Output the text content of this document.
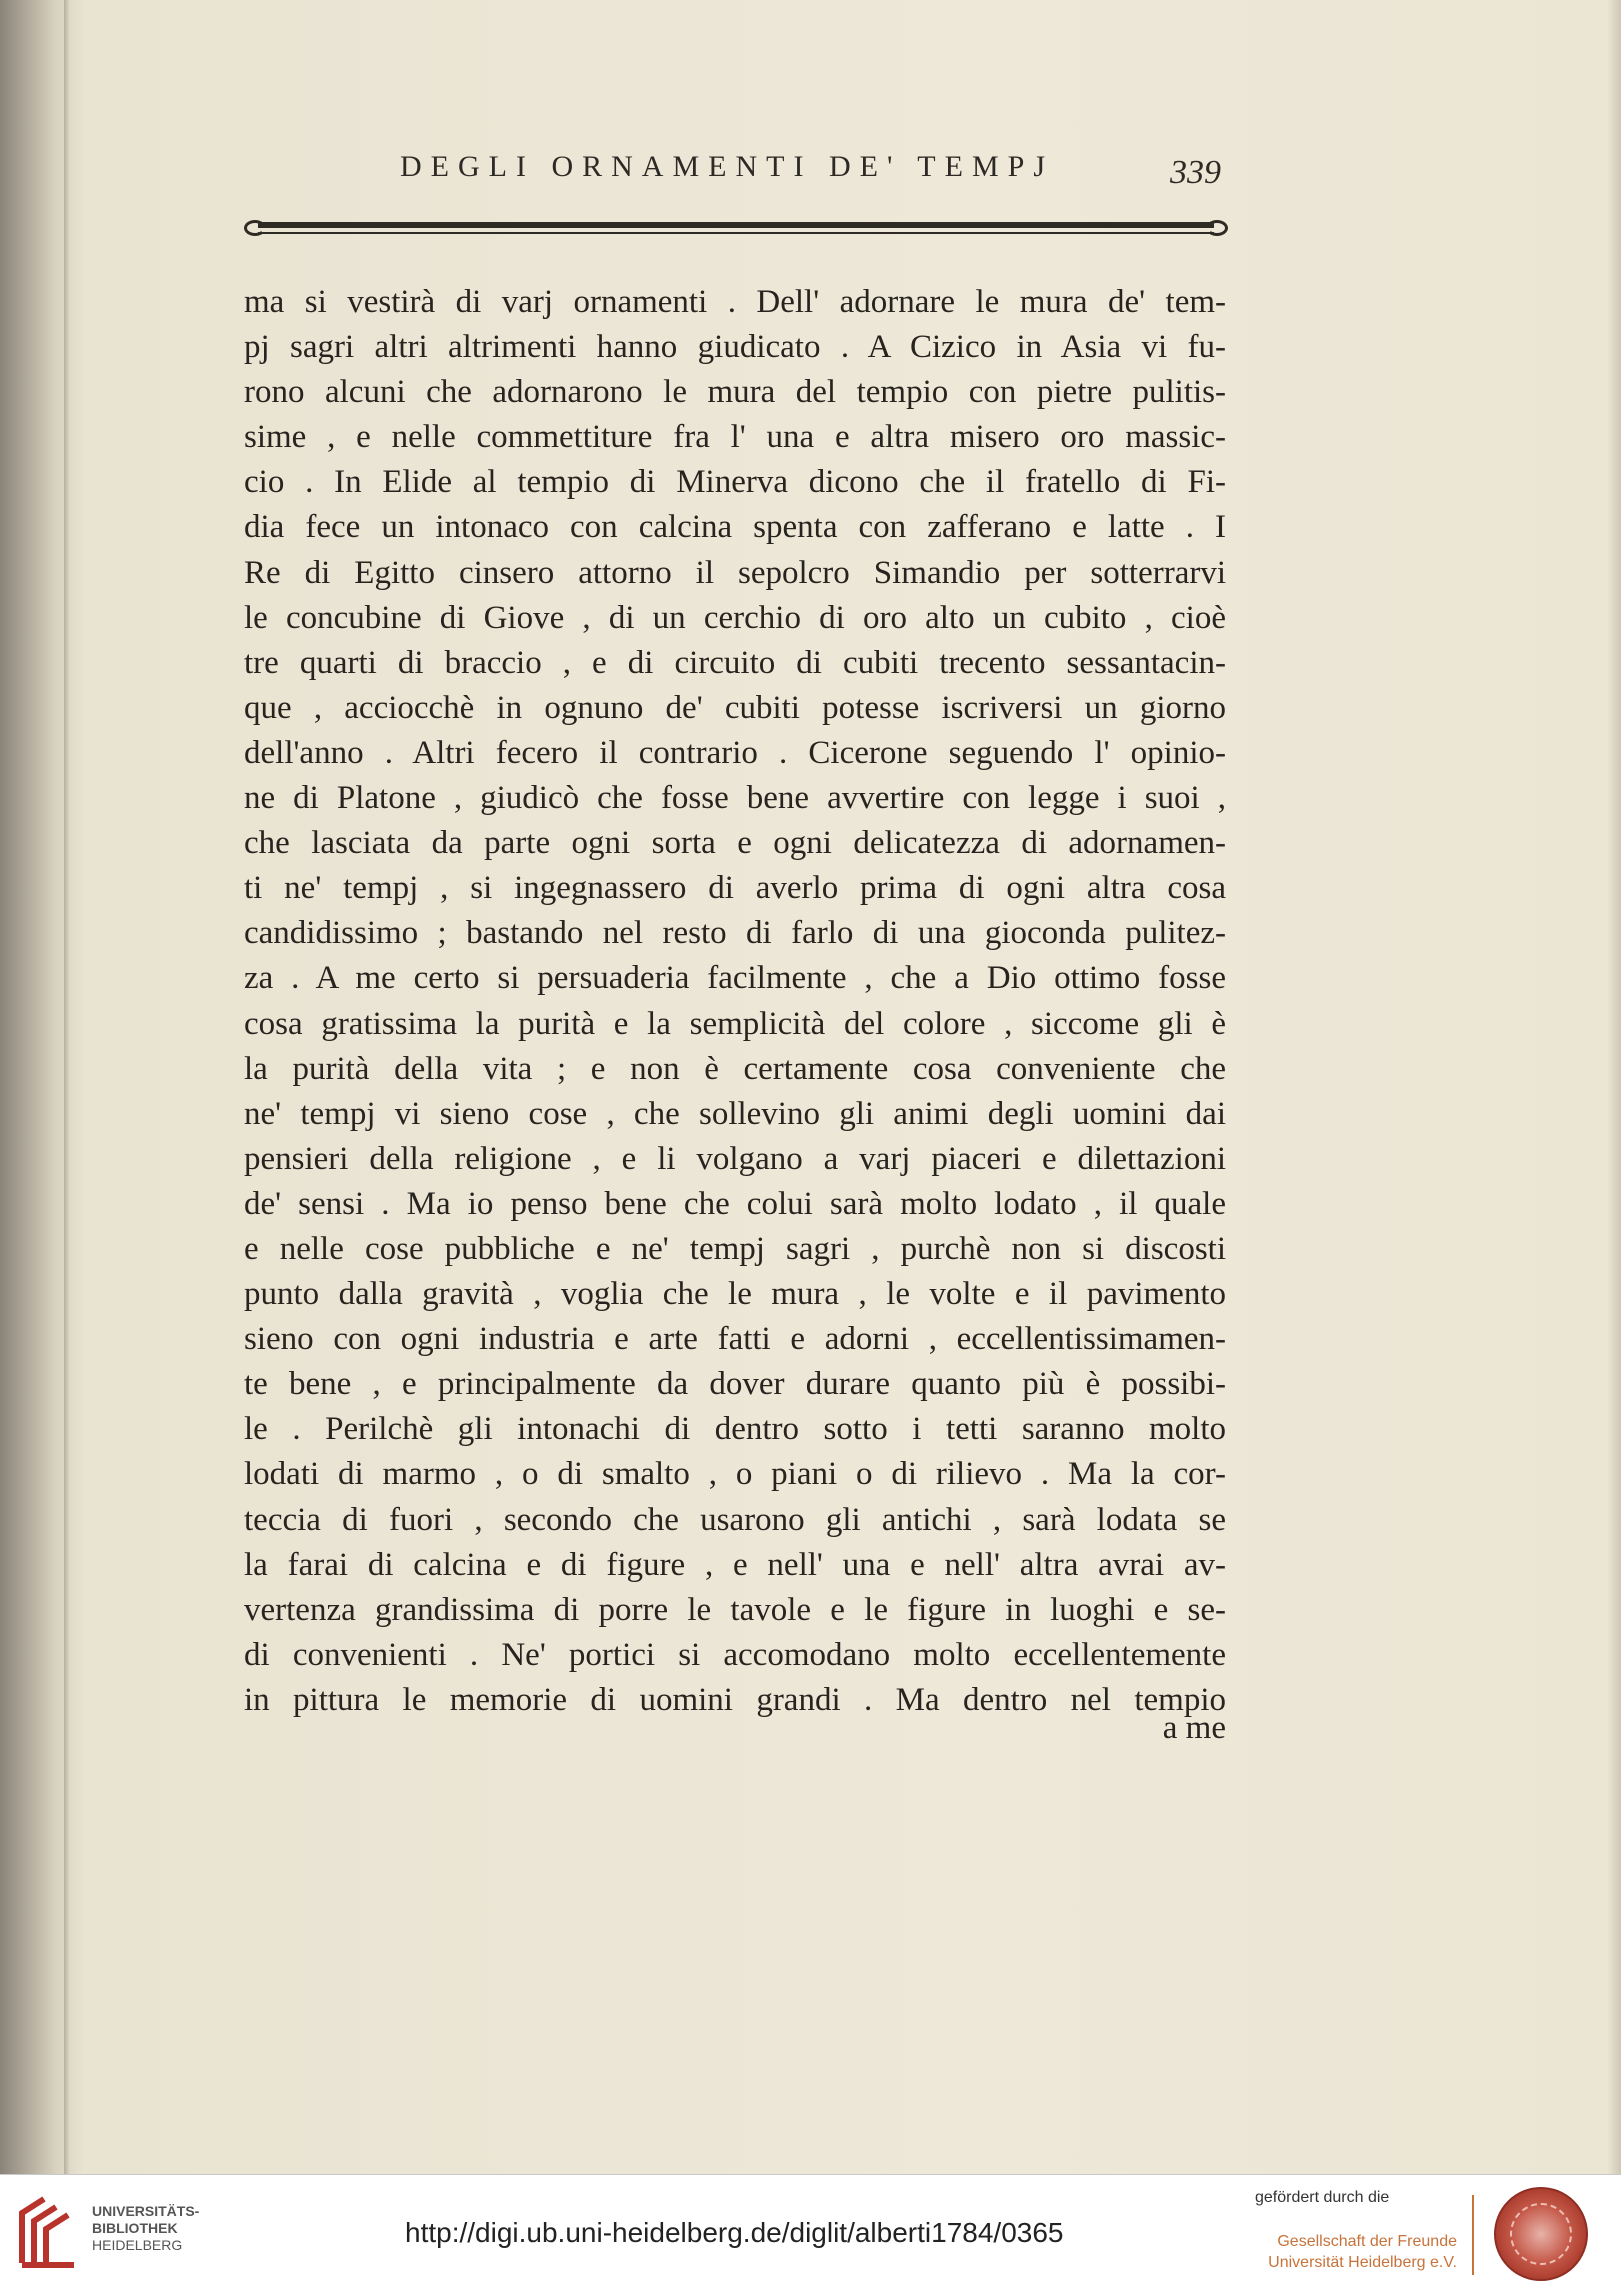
DEGLI ORNAMENTI DE' TEMPJ	339
ma si vestirà di varj ornamenti . Dell' adornare le mura de' tem-
pj sagri altri altrimenti hanno giudicato . A Cizico in Asia vi fu-
rono alcuni che adornarono le mura del tempio con pietre pulitis-
sime , e nelle commettiture fra l' una e altra misero oro massic-
cio . In Elide al tempio di Minerva dicono che il fratello di Fi-
dia fece un intonaco con calcina spenta con zafferano e latte . I
Re di Egitto cinsero attorno il sepolcro Simandio per sotterrarvi
le concubine di Giove , di un cerchio di oro alto un cubito , cioè
tre quarti di braccio , e di circuito di cubiti trecento sessantacin-
que , acciocchè in ognuno de' cubiti potesse iscriversi un giorno
dell'anno . Altri fecero il contrario . Cicerone seguendo l' opinio-
ne di Platone , giudicò che fosse bene avvertire con legge i suoi ,
che lasciata da parte ogni sorta e ogni delicatezza di adornamen-
ti ne' tempj , si ingegnassero di averlo prima di ogni altra cosa
candidissimo ; bastando nel resto di farlo di una gioconda pulitez-
za . A me certo si persuaderia facilmente , che a Dio ottimo fosse
cosa gratissima la purità e la semplicità del colore , siccome gli è
la purità della vita ; e non è certamente cosa conveniente che
ne' tempj vi sieno cose , che sollevino gli animi degli uomini dai
pensieri della religione , e li volgano a varj piaceri e dilettazioni
de' sensi . Ma io penso bene che colui sarà molto lodato , il quale
e nelle cose pubbliche e ne' tempj sagri , purchè non si discosti
punto dalla gravità , voglia che le mura , le volte e il pavimento
sieno con ogni industria e arte fatti e adorni , eccellentissimamen-
te bene , e principalmente da dover durare quanto più è possibi-
le . Perilchè gli intonachi di dentro sotto i tetti saranno molto
lodati di marmo , o di smalto , o piani o di rilievo . Ma la cor-
teccia di fuori , secondo che usarono gli antichi , sarà lodata se
la farai di calcina e di figure , e nell' una e nell' altra avrai av-
vertenza grandissima di porre le tavole e le figure in luoghi e se-
di convenienti . Ne' portici si accomodano molto eccellentemente
in pittura le memorie di uomini grandi . Ma dentro nel tempio
a me
UNIVERSITÄTS-
BIBLIOTHEK
HEIDELBERG	http://digi.ub.uni-heidelberg.de/diglit/alberti1784/0365
gefördert durch die
Gesellschaft der Freunde
Universität Heidelberg e.V.
